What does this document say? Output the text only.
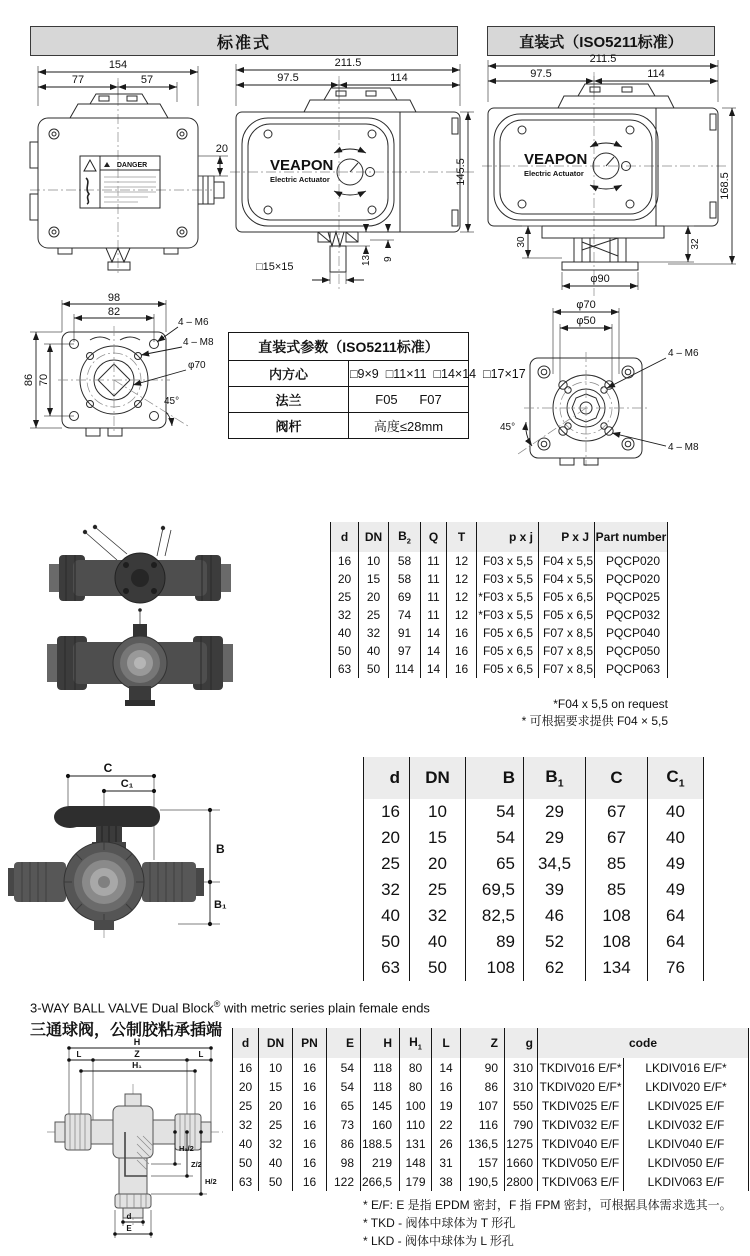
标准式	直装式（ISO5211标准）
154
77	57
DANGER
20
211.5
97.5	114
VEAPON
Electric Actuator	145.5
□15×15
13 9
211.5
97.5	114
VEAPON
Electric Actuator
30	32
168.5
φ90
98
82
86 70
4 – M6
4 – M8
φ70
45°
直装式参数（ISO5211标准）	
内方心	□9×9  □11×11  □14×14  □17×17
法兰	F05      F07
阀杆	高度≤28mm
φ70
φ50
4 – M6
4 – M8
45°
d	DN	$B_2$	Q	T	p x j	P x J	Part number
16	10	58	11	12	F03 x 5,5	F04 x 5,5	PQCP020
20	15	58	11	12	F03 x 5,5	F04 x 5,5	PQCP020
25	20	69	11	12	*F03 x 5,5	F05 x 6,5	PQCP025
32	25	74	11	12	*F03 x 5,5	F05 x 6,5	PQCP032
40	32	91	14	16	F05 x 6,5	F07 x 8,5	PQCP040
50	40	97	14	16	F05 x 6,5	F07 x 8,5	PQCP050
63	50	114	14	16	F05 x 6,5	F07 x 8,5	PQCP063
*F04 x 5,5 on request
* 可根据要求提供 F04 × 5,5
C
C₁
B
B₁
d	DN	B	$B_1$	C	$C_1$
16	10	54	29	67	40
20	15	54	29	67	40
25	20	65	34,5	85	49
32	25	69,5	39	85	49
40	32	82,5	46	108	64
50	40	89	52	108	64
63	50	108	62	134	76
3-WAY BALL VALVE Dual Block® with metric series plain female ends
三通球阀，公制胶粘承插端
H
L	Z	L
H₁
H₁/2
Z/2
H/2
d
E
d	DN	PN	E	H	$H_1$	L	Z	g	code	
16	10	16	54	118	80	14	90	310	TKDIV016 E/F*	LKDIV016 E/F*
20	15	16	54	118	80	16	86	310	TKDIV020 E/F*	LKDIV020 E/F*
25	20	16	65	145	100	19	107	550	TKDIV025 E/F	LKDIV025 E/F
32	25	16	73	160	110	22	116	790	TKDIV032 E/F	LKDIV032 E/F
40	32	16	86	188.5	131	26	136,5	1275	TKDIV040 E/F	LKDIV040 E/F
50	40	16	98	219	148	31	157	1660	TKDIV050 E/F	LKDIV050 E/F
63	50	16	122	266,5	179	38	190,5	2800	TKDIV063 E/F	LKDIV063 E/F
* E/F: E 是指 EPDM 密封，F 指 FPM 密封，可根据具体需求选其一。
* TKD - 阀体中球体为 T 形孔
* LKD - 阀体中球体为 L 形孔
